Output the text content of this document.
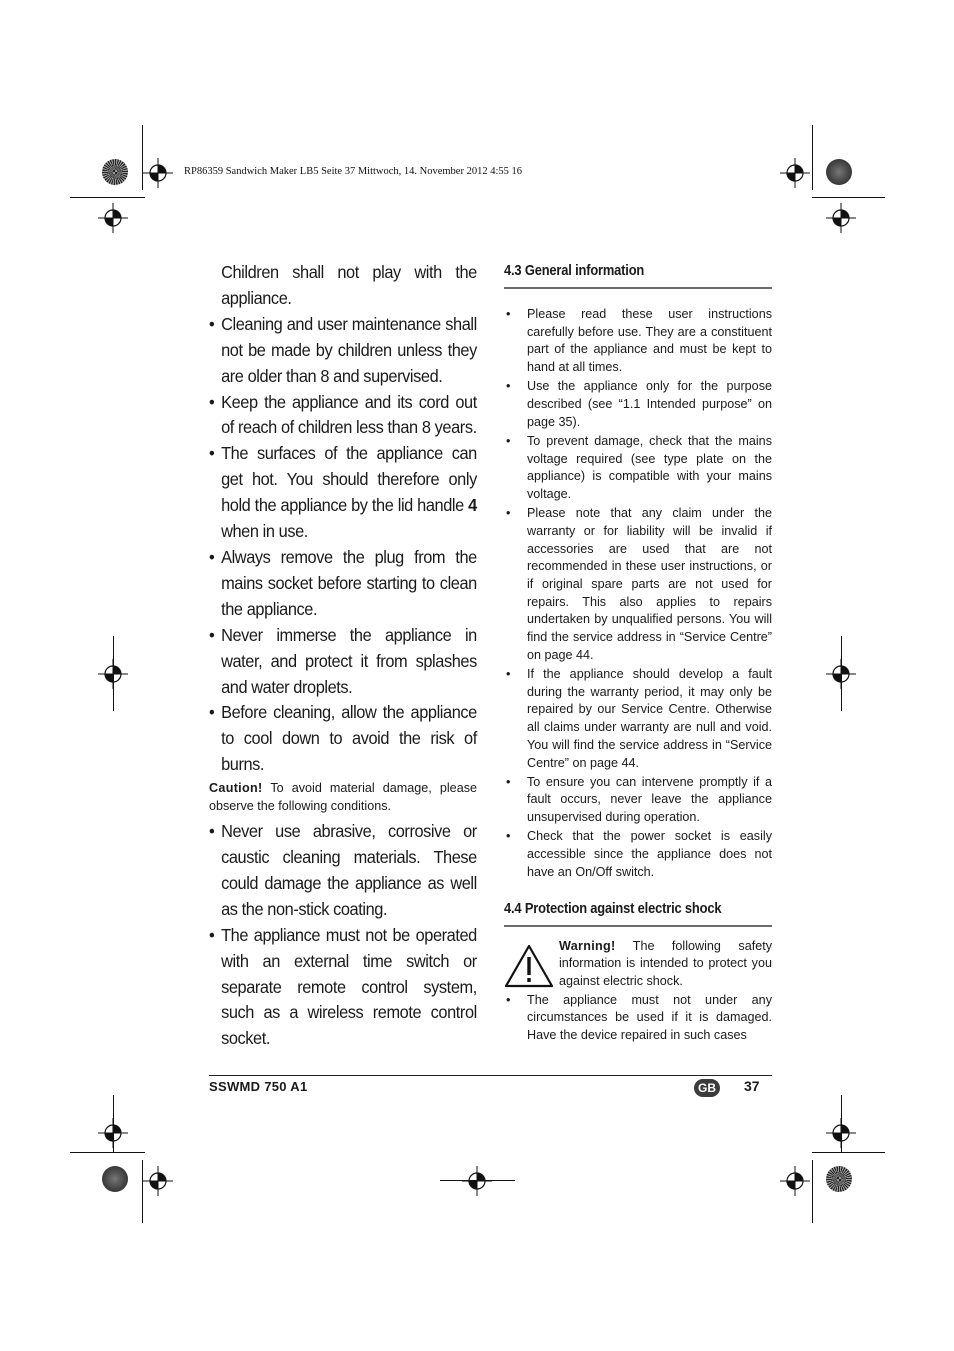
RP86359 Sandwich Maker LB5 Seite 37 Mittwoch, 14. November 2012 4:55 16
Children shall not play with the
appliance.
• Cleaning and user maintenance shall not be made by children unless they are older than 8 and supervised.
• Keep the appliance and its cord out of reach of children less than 8 years.
• The surfaces of the appliance can get hot. You should therefore only hold the appliance by the lid handle 4 when in use.
• Always remove the plug from the mains socket before starting to clean the appliance.
• Never immerse the appliance in water, and protect it from splashes and water droplets.
• Before cleaning, allow the appliance to cool down to avoid the risk of burns.
Caution! To avoid material damage, please observe the following conditions.
• Never use abrasive, corrosive or caustic cleaning materials. These could damage the appliance as well as the non-stick coating.
• The appliance must not be operated with an external time switch or separate remote control system, such as a wireless remote control socket.
4.3 General information
• Please read these user instructions carefully before use. They are a constituent part of the appliance and must be kept to hand at all times.
• Use the appliance only for the purpose described (see “1.1 Intended purpose” on page 35).
• To prevent damage, check that the mains voltage required (see type plate on the appliance) is compatible with your mains voltage.
• Please note that any claim under the warranty or for liability will be invalid if accessories are used that are not recommended in these user instructions, or if original spare parts are not used for repairs. This also applies to repairs undertaken by unqualified persons. You will find the service address in “Service Centre” on page 44.
• If the appliance should develop a fault during the warranty period, it may only be repaired by our Service Centre. Otherwise all claims under warranty are null and void. You will find the service address in “Service Centre” on page 44.
• To ensure you can intervene promptly if a fault occurs, never leave the appliance unsupervised during operation.
• Check that the power socket is easily accessible since the appliance does not have an On/Off switch.
4.4 Protection against electric shock
Warning! The following safety information is intended to protect you against electric shock.
• The appliance must not under any circumstances be used if it is damaged. Have the device repaired in such cases
SSWMD 750 A1	GB 37
